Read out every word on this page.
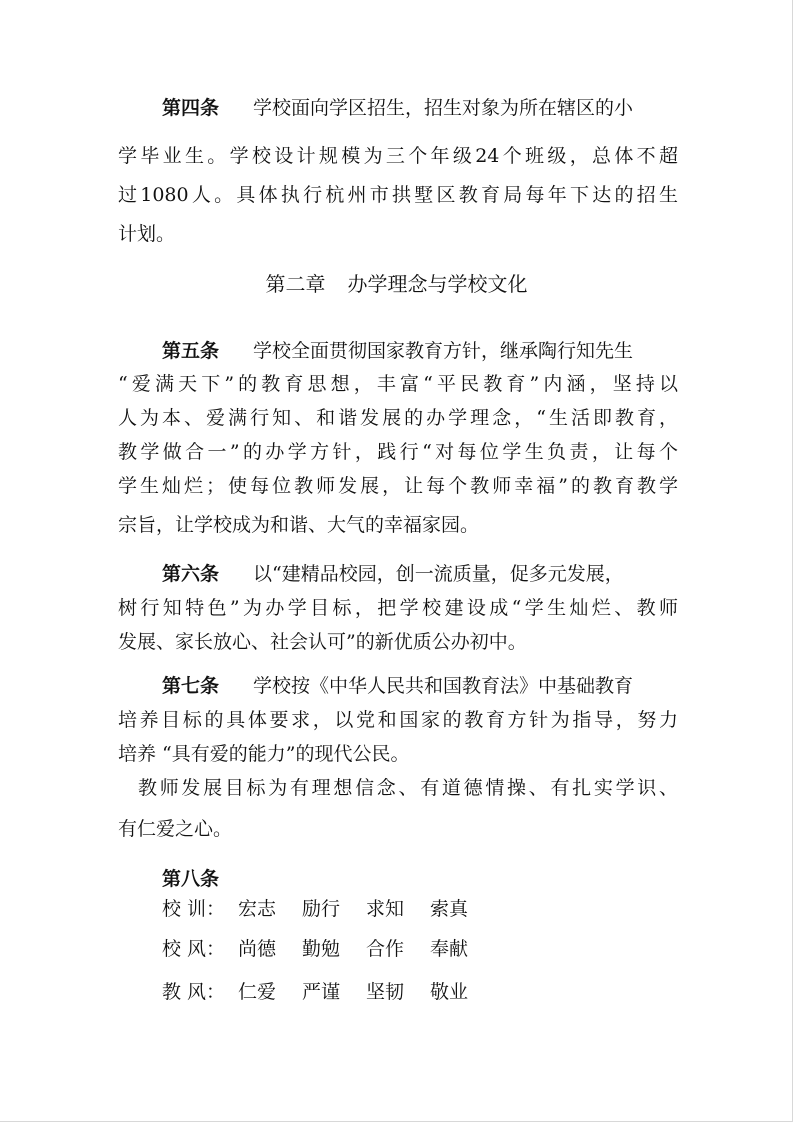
第四条 学校面向学区招生，招生对象为所在辖区的小
学毕业生。学校设计规模为三个年级24个班级，总体不超
过1080人。具体执行杭州市拱墅区教育局每年下达的招生
计划。
第二章 办学理念与学校文化
第五条 学校全面贯彻国家教育方针，继承陶行知先生
“爱满天下”的教育思想，丰富“平民教育”内涵，坚持以
人为本、爱满行知、和谐发展的办学理念，“生活即教育，
教学做合一”的办学方针，践行“对每位学生负责，让每个
学生灿烂；使每位教师发展，让每个教师幸福”的教育教学
宗旨，让学校成为和谐、大气的幸福家园。
第六条 以“建精品校园，创一流质量，促多元发展，
树行知特色”为办学目标，把学校建设成“学生灿烂、教师
发展、家长放心、社会认可”的新优质公办初中。
第七条 学校按《中华人民共和国教育法》中基础教育
培养目标的具体要求，以党和国家的教育方针为指导，努力
培养 “具有爱的能力”的现代公民。
教师发展目标为有理想信念、有道德情操、有扎实学识、
有仁爱之心。
第八条
校 训： 宏志 励行 求知 索真
校 风： 尚德 勤勉 合作 奉献
教 风： 仁爱 严谨 坚韧 敬业
